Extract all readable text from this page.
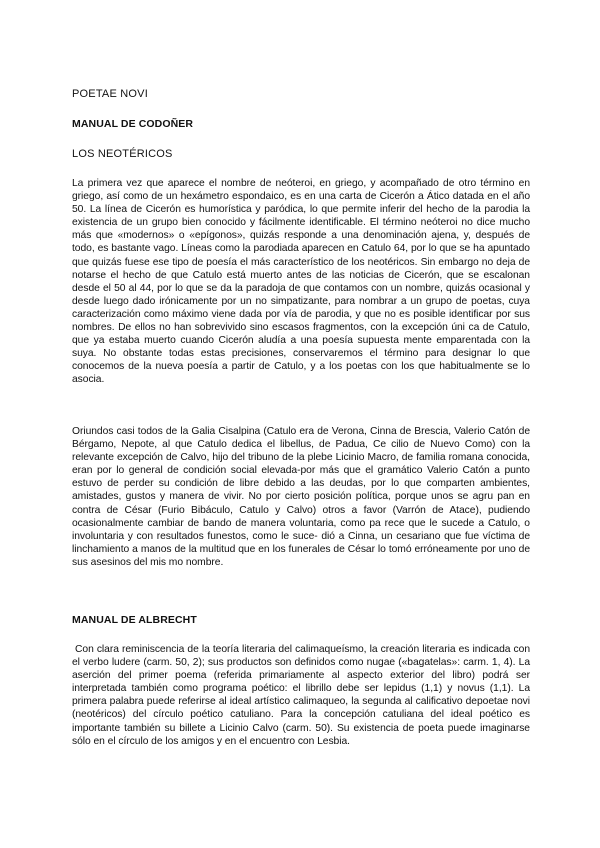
POETAE NOVI
MANUAL DE CODOÑER
LOS NEOTÉRICOS

La primera vez que aparece el nombre de neóteroi, en griego, y acompañado de otro término en griego, así como de un hexámetro espondaico, es en una carta de Cicerón a Ático datada en el año 50. La línea de Cicerón es humorística y paródica, lo que permite inferir del hecho de la parodia la existencia de un grupo bien conocido y fácilmente identificable. El término neóteroi no dice mucho más que «modernos» o «epígonos», quizás responde a una denominación ajena, y, después de todo, es bastante vago. Líneas como la parodiada aparecen en Catulo 64, por lo que se ha apuntado que quizás fuese ese tipo de poesía el más característico de los neotéricos. Sin embargo no deja de notarse el hecho de que Catulo está muerto antes de las noticias de Cicerón, que se escalonan desde el 50 al 44, por lo que se da la paradoja de que contamos con un nombre, quizás ocasional y desde luego dado irónicamente por un no simpatizante, para nombrar a un grupo de poetas, cuya caracterización como máximo viene dada por vía de parodia, y que no es posible identificar por sus nombres. De ellos no han sobrevivido sino escasos fragmentos, con la excepción úni ca de Catulo, que ya estaba muerto cuando Cicerón aludía a una poesía supuesta mente emparentada con la suya. No obstante todas estas precisiones, conservaremos el término para designar lo que conocemos de la nueva poesía a partir de Catulo, y a los poetas con los que habitualmente se lo asocia.

Oriundos casi todos de la Galia Cisalpina (Catulo era de Verona, Cinna de Brescia, Valerio Catón de Bérgamo, Nepote, al que Catulo dedica el libellus, de Padua, Ce cilio de Nuevo Como) con la relevante excepción de Calvo, hijo del tribuno de la plebe Licinio Macro, de familia romana conocida, eran por lo general de condición social elevada-por más que el gramático Valerio Catón a punto estuvo de perder su condición de libre debido a las deudas, por lo que comparten ambientes, amistades, gustos y manera de vivir. No por cierto posición política, porque unos se agru pan en contra de César (Furio Bibáculo, Catulo y Calvo) otros a favor (Varrón de Atace), pudiendo ocasionalmente cambiar de bando de manera voluntaria, como pa rece que le sucede a Catulo, o involuntaria y con resultados funestos, como le suce- dió a Cinna, un cesariano que fue víctima de linchamiento a manos de la multitud que en los funerales de César lo tomó erróneamente por uno de sus asesinos del mis mo nombre.

MANUAL DE ALBRECHT

Con clara reminiscencia de la teoría literaria del calimaqueísmo, la creación literaria es indicada con el verbo ludere (carm. 50, 2); sus productos son definidos como nugae («bagatelas»: carm. 1, 4). La aserción del primer poema (referida primariamente al aspecto exterior del libro) podrá ser interpretada también como programa poético: el librillo debe ser lepidus (1,1) y novus (1,1). La primera palabra puede referirse al ideal artístico calimaqueo, la segunda al calificativo depoetae novi (neotéricos) del círculo poético catuliano. Para la concepción catuliana del ideal poético es importante también su billete a Licinio Calvo (carm. 50). Su existencia de poeta puede imaginarse sólo en el círculo de los amigos y en el encuentro con Lesbia.
